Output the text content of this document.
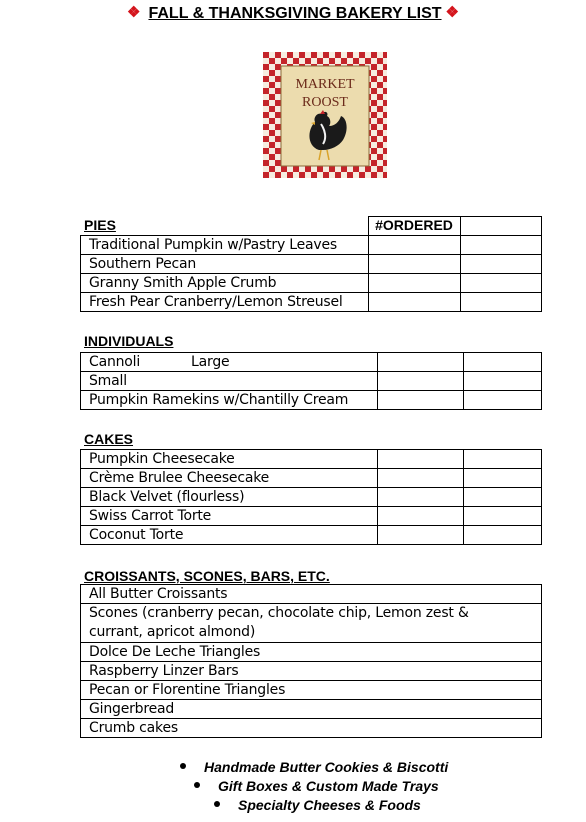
❖ FALL & THANKSGIVING BAKERY LIST ❖
MARKET
ROOST
PIES	#ORDERED

Traditional Pumpkin w/Pastry Leaves		
Southern Pecan		
Granny Smith Apple Crumb		
Fresh Pear Cranberry/Lemon Streusel		
INDIVIDUALS
Cannoli            Large		
Small		
Pumpkin Ramekins w/Chantilly Cream		
CAKES
Pumpkin Cheesecake		
Crème Brulee Cheesecake		
Black Velvet (flourless)		
Swiss Carrot Torte		
Coconut Torte		
CROISSANTS, SCONES, BARS, ETC.
All Butter Croissants
Scones (cranberry pecan, chocolate chip, Lemon zest & currant, apricot almond)
Dolce De Leche Triangles
Raspberry Linzer Bars
Pecan or Florentine Triangles
Gingerbread
Crumb cakes
Handmade Butter Cookies & Biscotti
Gift Boxes & Custom Made Trays
Specialty Cheeses & Foods
